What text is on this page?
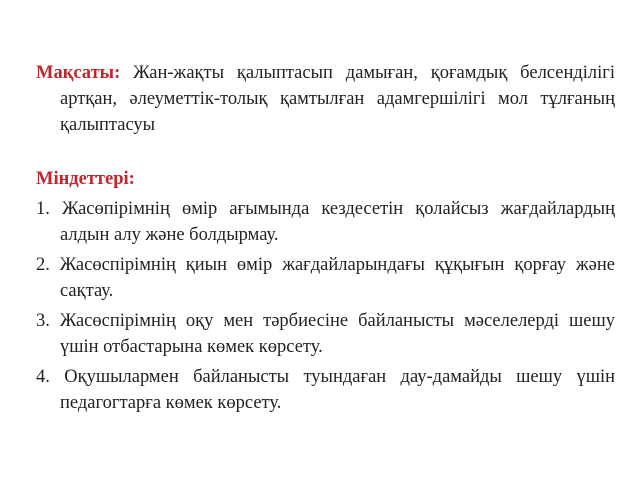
Мақсаты: Жан-жақты қалыптасып дамыған, қоғамдық белсенділігі артқан, әлеуметтік-толық қамтылған адамгершілігі мол тұлғаның қалыптасуы
Міндеттері:
1. Жасөпірімнің өмір ағымында кездесетін қолайсыз жағдайлардың алдын алу және болдырмау.
2. Жасөспірімнің қиын өмір жағдайларындағы құқығын қорғау және сақтау.
3. Жасөспірімнің оқу мен тәрбиесіне байланысты мәселелерді шешу үшін отбастарына көмек көрсету.
4. Оқушылармен байланысты туындаған дау-дамайды шешу үшін педагогтарға көмек көрсету.
